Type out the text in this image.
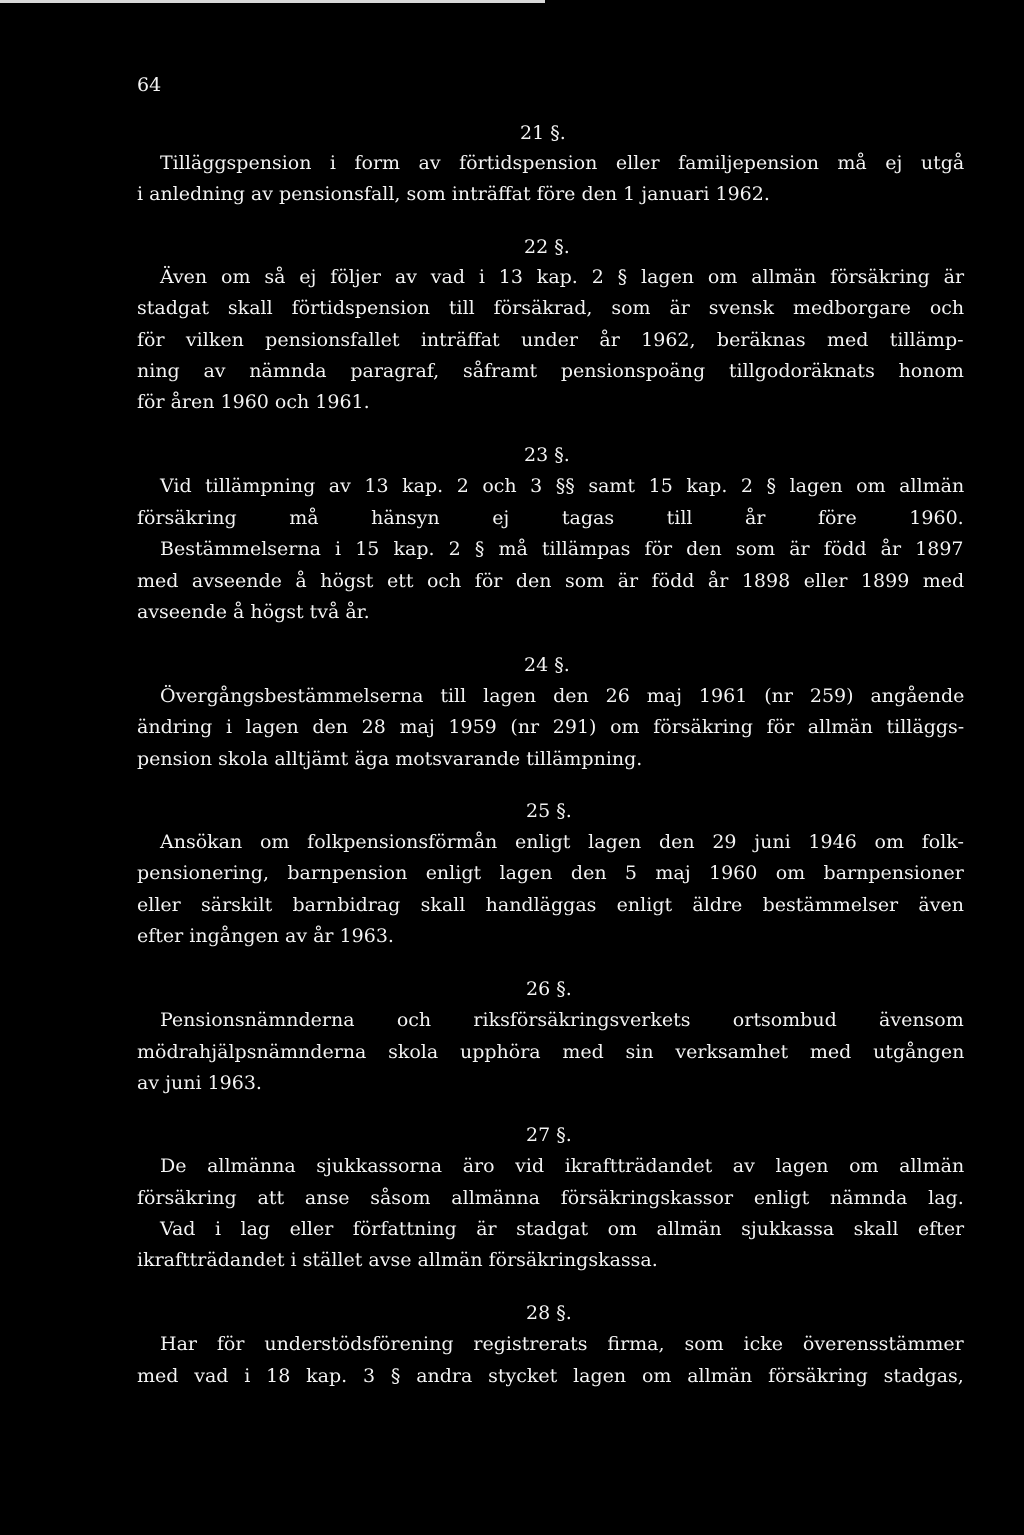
64
21 §.
Tilläggspension i form av förtidspension eller familjepension må ej utgå
i anledning av pensionsfall, som inträffat före den 1 januari 1962.
22 §.
Även om så ej följer av vad i 13 kap. 2 § lagen om allmän försäkring är
stadgat skall förtidspension till försäkrad, som är svensk medborgare och
för vilken pensionsfallet inträffat under år 1962, beräknas med tillämp-
ning av nämnda paragraf, såframt pensionspoäng tillgodoräknats honom
för åren 1960 och 1961.
23 §.
Vid tillämpning av 13 kap. 2 och 3 §§ samt 15 kap. 2 § lagen om allmän
försäkring må hänsyn ej tagas till år före 1960.
Bestämmelserna i 15 kap. 2 § må tillämpas för den som är född år 1897
med avseende å högst ett och för den som är född år 1898 eller 1899 med
avseende å högst två år.
24 §.
Övergångsbestämmelserna till lagen den 26 maj 1961 (nr 259) angående
ändring i lagen den 28 maj 1959 (nr 291) om försäkring för allmän tilläggs-
pension skola alltjämt äga motsvarande tillämpning.
25 §.
Ansökan om folkpensionsförmån enligt lagen den 29 juni 1946 om folk-
pensionering, barnpension enligt lagen den 5 maj 1960 om barnpensioner
eller särskilt barnbidrag skall handläggas enligt äldre bestämmelser även
efter ingången av år 1963.
26 §.
Pensionsnämnderna och riksförsäkringsverkets ortsombud ävensom
mödrahjälpsnämnderna skola upphöra med sin verksamhet med utgången
av juni 1963.
27 §.
De allmänna sjukkassorna äro vid ikraftträdandet av lagen om allmän
försäkring att anse såsom allmänna försäkringskassor enligt nämnda lag.
Vad i lag eller författning är stadgat om allmän sjukkassa skall efter
ikraftträdandet i stället avse allmän försäkringskassa.
28 §.
Har för understödsförening registrerats firma, som icke överensstämmer
med vad i 18 kap. 3 § andra stycket lagen om allmän försäkring stadgas,
